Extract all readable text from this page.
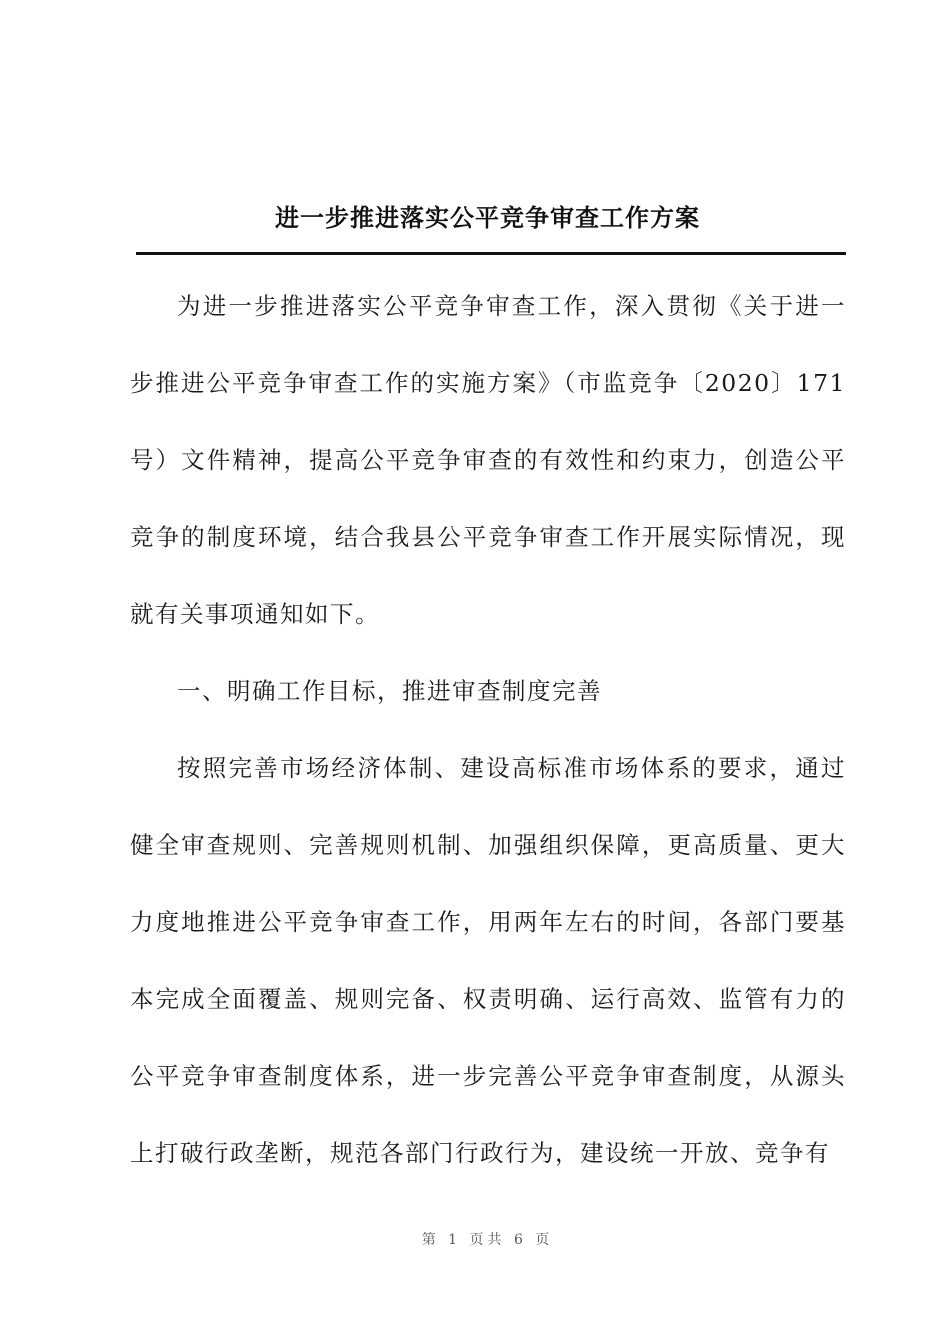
进一步推进落实公平竞争审查工作方案

为进一步推进落实公平竞争审查工作，深入贯彻《关于进一步推进公平竞争审查工作的实施方案》（市监竞争〔2020〕171号）文件精神，提高公平竞争审查的有效性和约束力，创造公平竞争的制度环境，结合我县公平竞争审查工作开展实际情况，现就有关事项通知如下。

一、明确工作目标，推进审查制度完善

按照完善市场经济体制、建设高标准市场体系的要求，通过健全审查规则、完善规则机制、加强组织保障，更高质量、更大力度地推进公平竞争审查工作，用两年左右的时间，各部门要基本完成全面覆盖、规则完备、权责明确、运行高效、监管有力的公平竞争审查制度体系，进一步完善公平竞争审查制度，从源头上打破行政垄断，规范各部门行政行为，建设统一开放、竞争有

第 1 页共 6 页
